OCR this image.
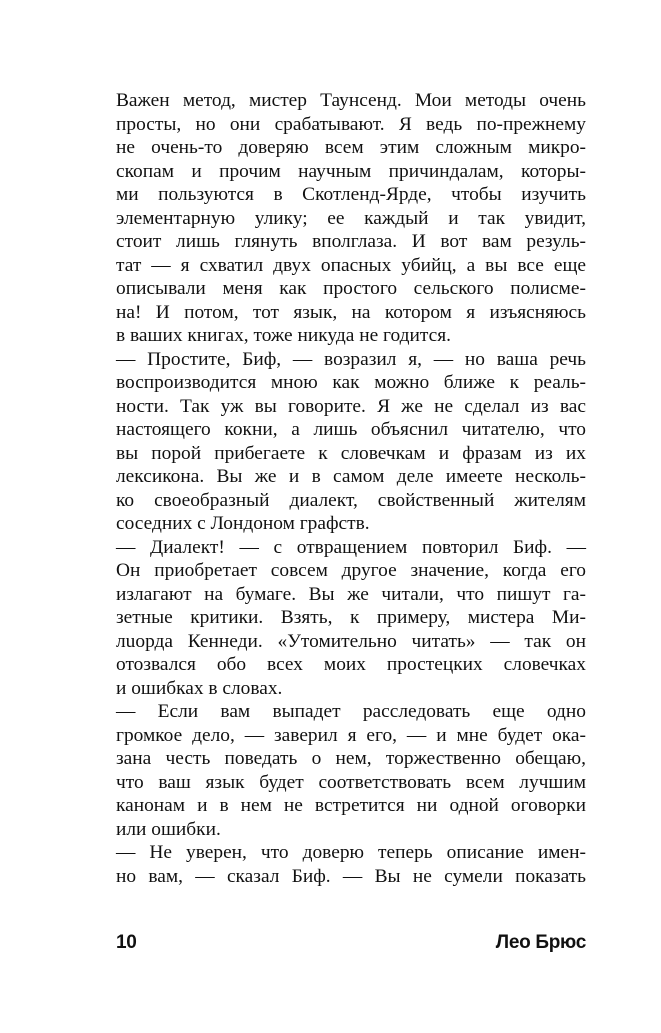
Важен метод, мистер Таунсенд. Мои методы очень
просты, но они срабатывают. Я ведь по-прежнему
не очень-то доверяю всем этим сложным микро-
скопам и прочим научным причиндалам, которы-
ми пользуются в Скотленд-Ярде, чтобы изучить
элементарную улику; ее каждый и так увидит,
стоит лишь глянуть вполглаза. И вот вам резуль-
тат — я схватил двух опасных убийц, а вы все еще
описывали меня как простого сельского полисме-
на! И потом, тот язык, на котором я изъясняюсь
в ваших книгах, тоже никуда не годится.
— Простите, Биф, — возразил я, — но ваша речь
воспроизводится мною как можно ближе к реаль-
ности. Так уж вы говорите. Я же не сделал из вас
настоящего кокни, а лишь объяснил читателю, что
вы порой прибегаете к словечкам и фразам из их
лексикона. Вы же и в самом деле имеете несколь-
ко своеобразный диалект, свойственный жителям
соседних с Лондоном графств.
— Диалект! — с отвращением повторил Биф. —
Он приобретает совсем другое значение, когда его
излагают на бумаге. Вы же читали, что пишут га-
зетные критики. Взять, к примеру, мистера Ми-
лuорда Кеннеди. «Утомительно читать» — так он
отозвался обо всех моих простецких словечках
и ошибках в словах.
— Если вам выпадет расследовать еще одно
громкое дело, — заверил я его, — и мне будет ока-
зана честь поведать о нем, торжественно обещаю,
что ваш язык будет соответствовать всем лучшим
канонам и в нем не встретится ни одной оговорки
или ошибки.
— Не уверен, что доверю теперь описание имен-
но вам, — сказал Биф. — Вы не сумели показать
10	Лео Брюс
